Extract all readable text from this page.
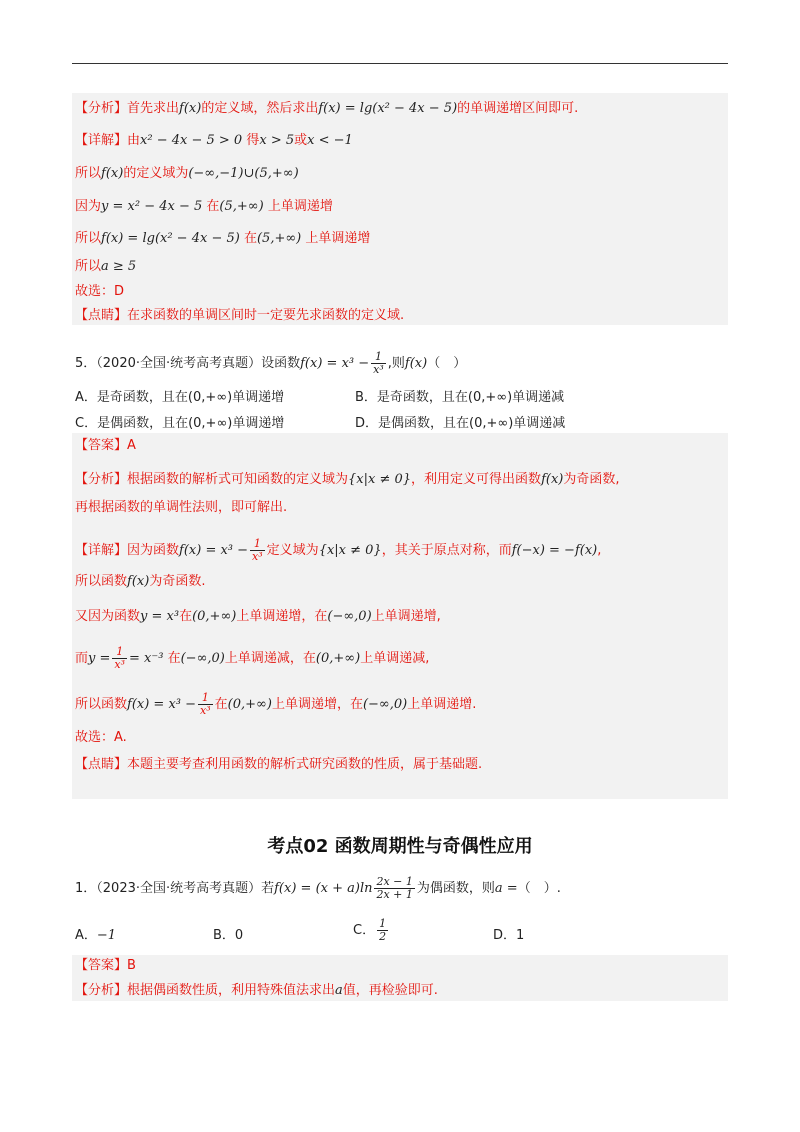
【分析】首先求出f(x)的定义域，然后求出f(x) = lg(x² − 4x − 5)的单调递增区间即可.
【详解】由x² − 4x − 5 > 0 得x > 5或x < −1
所以f(x)的定义域为(−∞,−1)∪(5,+∞)
因为y = x² − 4x − 5 在(5,+∞) 上单调递增
所以f(x) = lg(x² − 4x − 5) 在(5,+∞) 上单调递增
所以a ≥ 5
故选：D
【点睛】在求函数的单调区间时一定要先求函数的定义域.
5．（2020·全国·统考高考真题）设函数$f(x) = x^3 - \frac{1}{\text{x³}}$ ,则f(x)（　）
A．是奇函数，且在(0,+∞)单调递增	B．是奇函数，且在(0,+∞)单调递减
C．是偶函数，且在(0,+∞)单调递增	D．是偶函数，且在(0,+∞)单调递减
【答案】A
【分析】根据函数的解析式可知函数的定义域为{x|x ≠ 0}，利用定义可得出函数f(x)为奇函数,
再根据函数的单调性法则，即可解出.
【详解】因为函数$f(x) = x^3 - \frac{1}{\text{x³}}$ 定义域为{x|x ≠ 0}，其关于原点对称，而f(−x) = −f(x),
所以函数f(x)为奇函数.
又因为函数y = x³在(0,+∞)上单调递增，在(−∞,0)上单调递增,
而$y = \frac{1}{\text{x³}} = x^{-3}$ 在(−∞,0)上单调递减，在(0,+∞)上单调递减,
所以函数$f(x) = x^3 - \frac{1}{\text{x³}}$ 在(0,+∞)上单调递增，在(−∞,0)上单调递增.
故选：A.
【点睛】本题主要考查利用函数的解析式研究函数的性质，属于基础题.
考点02 函数周期性与奇偶性应用
1．（2023·全国·统考高考真题）若$f(x) = (x + a)\ln \frac{2x - 1}{2x + 1}$ 为偶函数，则a =（　）.
A．−1	B．0	C． $\frac{1}{2}$	D．1
【答案】B
【分析】根据偶函数性质，利用特殊值法求出a值，再检验即可.
